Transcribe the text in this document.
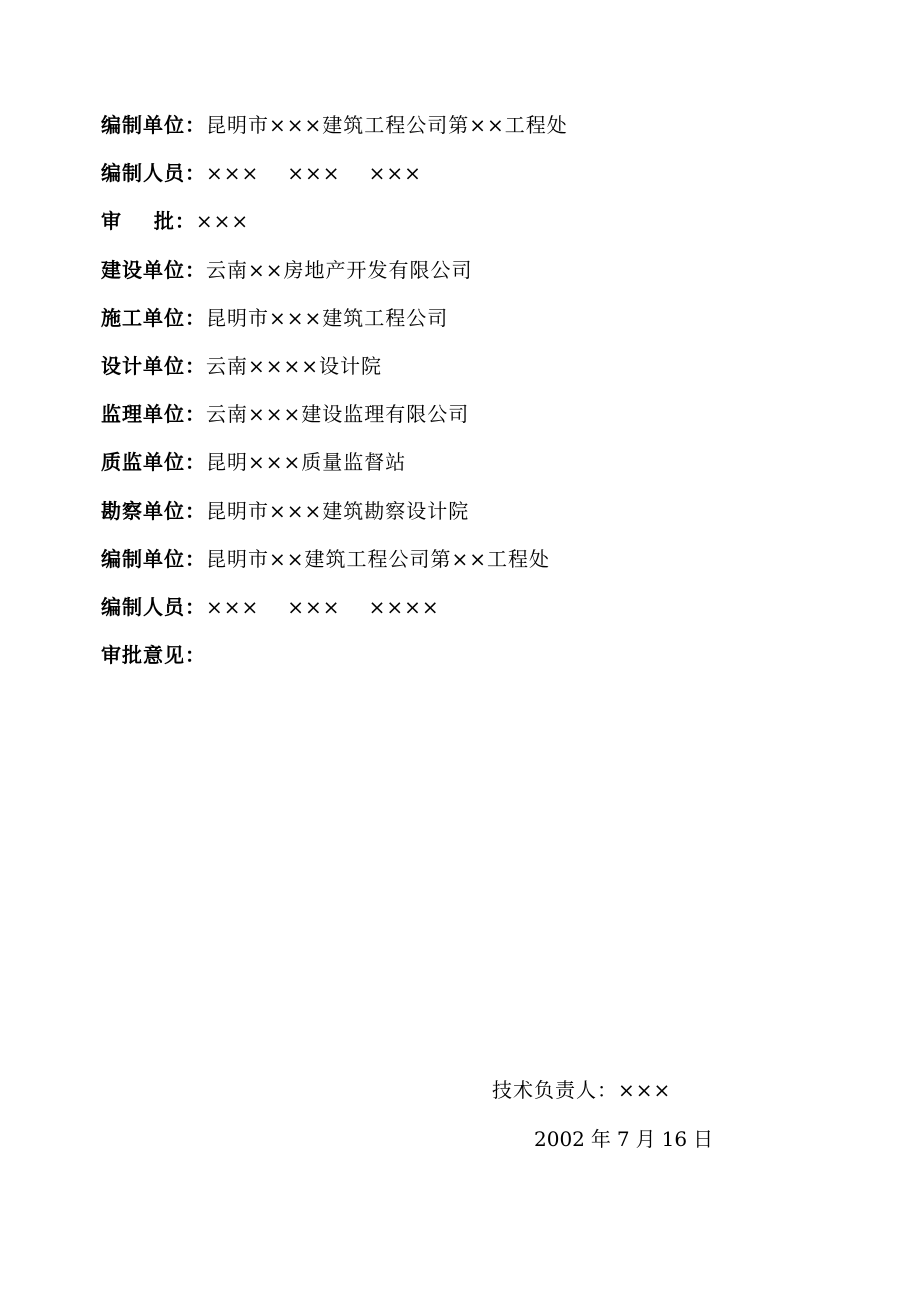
编制单位：昆明市×××建筑工程公司第××工程处
编制人员：××× ××× ×××
审    批：×××
建设单位：云南××房地产开发有限公司
施工单位：昆明市×××建筑工程公司
设计单位：云南××××设计院
监理单位：云南×××建设监理有限公司
质监单位：昆明×××质量监督站
勘察单位：昆明市×××建筑勘察设计院
编制单位：昆明市××建筑工程公司第××工程处
编制人员：××× ××× ××××
审批意见：
技术负责人：×××
2002 年 7 月 16 日
